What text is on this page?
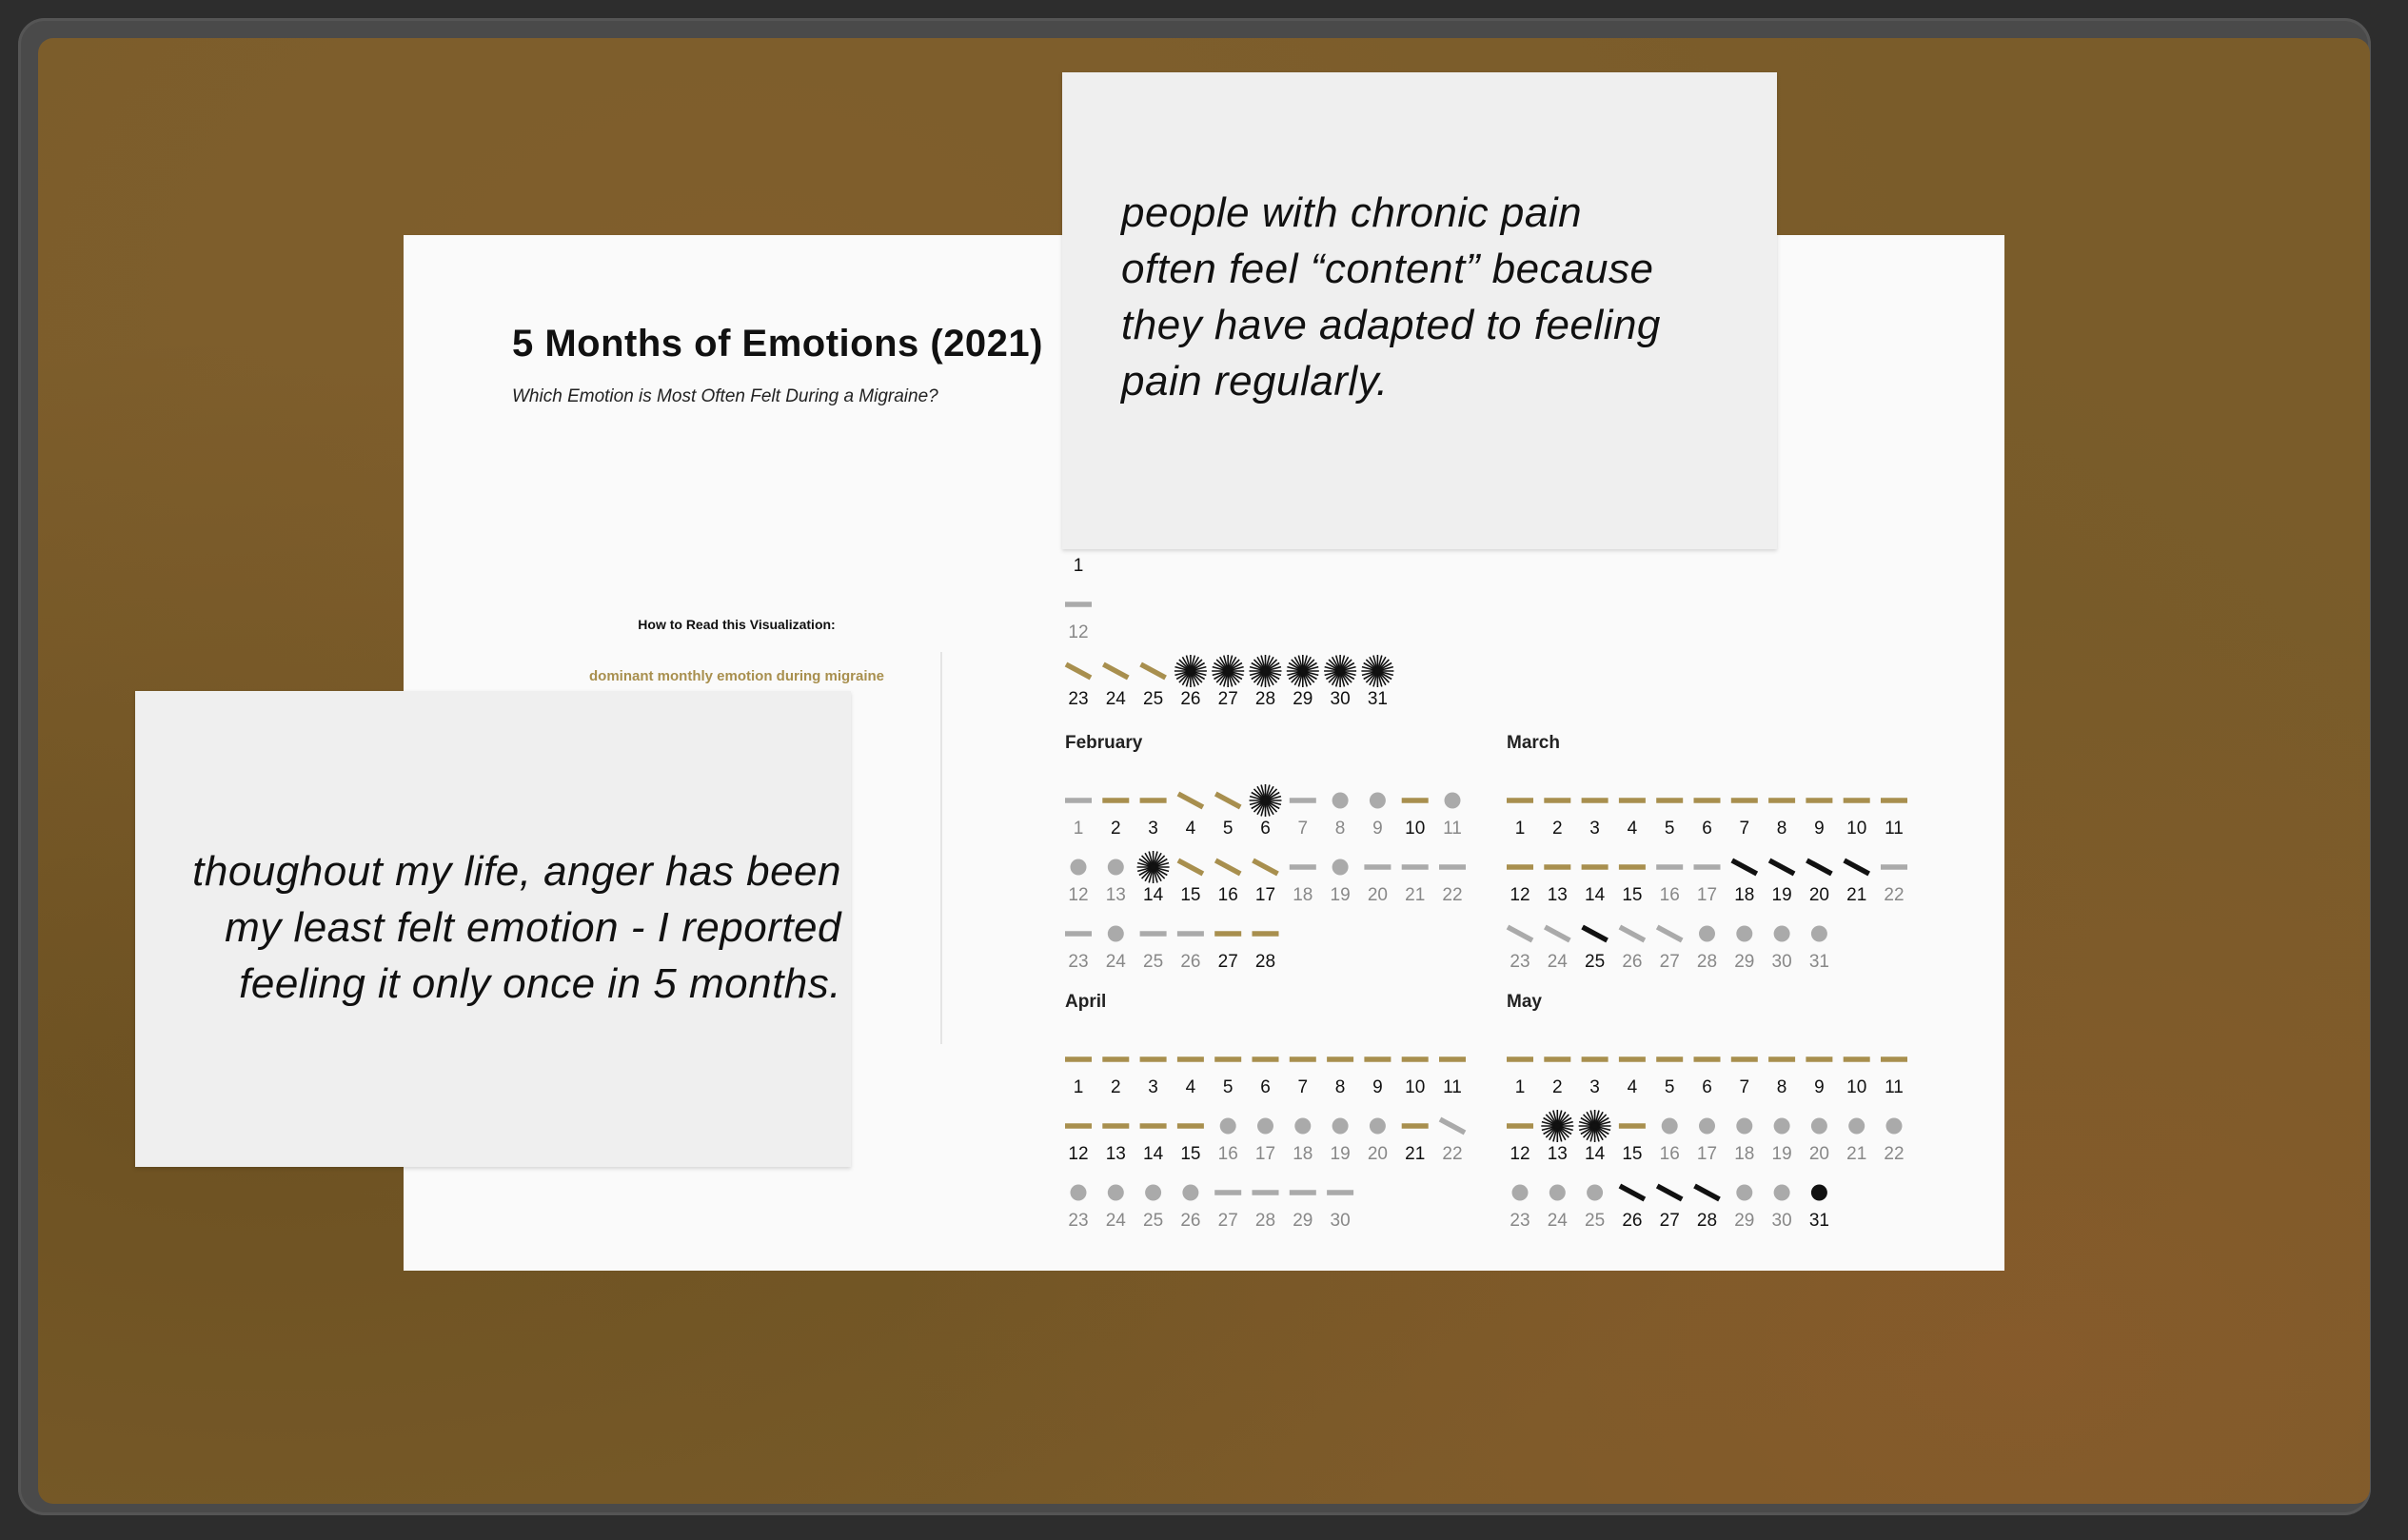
5 Months of Emotions (2021)
Which Emotion is Most Often Felt During a Migraine?
How to Read this Visualization:
dominant monthly emotion during migraine
1
12
23 24 25 26 27 28 29 30 31
February
1 2 3 4 5 6 7 8 9 10 11
12 13 14 15 16 17 18 19 20 21 22
23 24 25 26 27 28
March
1 2 3 4 5 6 7 8 9 10 11
12 13 14 15 16 17 18 19 20 21 22
23 24 25 26 27 28 29 30 31
April
1 2 3 4 5 6 7 8 9 10 11
12 13 14 15 16 17 18 19 20 21 22
23 24 25 26 27 28 29 30
May
1 2 3 4 5 6 7 8 9 10 11
12 13 14 15 16 17 18 19 20 21 22
23 24 25 26 27 28 29 30 31
people with chronic pain
often feel “content” because
they have adapted to feeling
pain regularly.
thoughout my life, anger has been
my least felt emotion - I reported
feeling it only once in 5 months.
